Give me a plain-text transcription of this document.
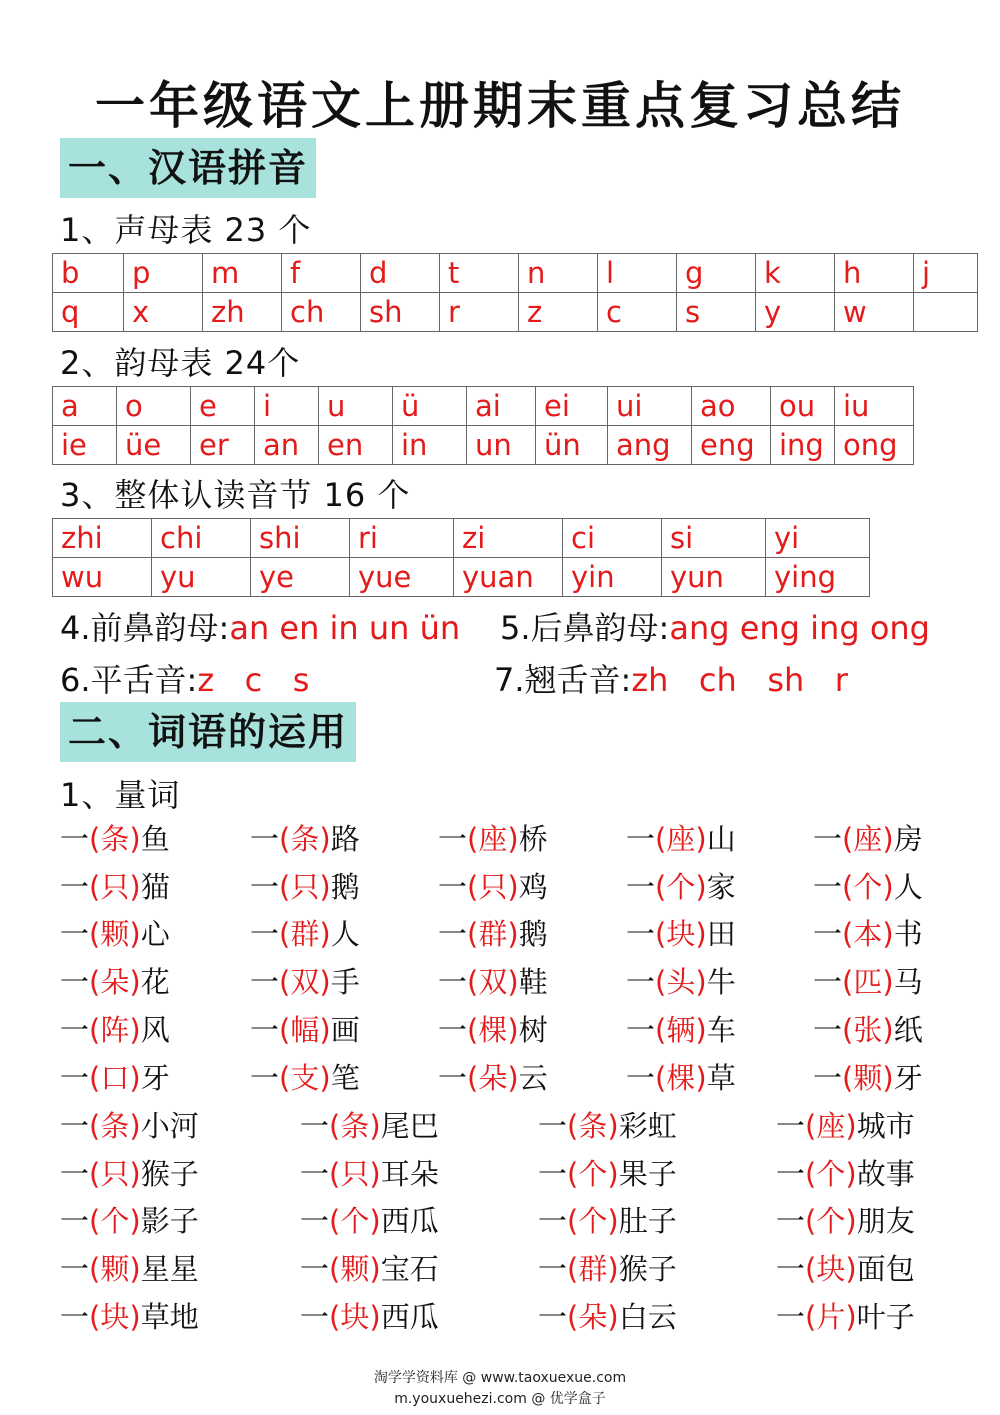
一年级语文上册期末重点复习总结
一、汉语拼音
1、声母表 23 个
b	p	m	f	d	t	n	l	g	k	h	j
q	x	zh	ch	sh	r	z	c	s	y	w	
2、韵母表 24个
a	o	e	i	u	ü	ai	ei	ui	ao	ou	iu
ie	üe	er	an	en	in	un	ün	ang	eng	ing	ong
3、整体认读音节 16 个
zhi	chi	shi	ri	zi	ci	si	yi
wu	yu	ye	yue	yuan	yin	yun	ying
4.前鼻韵母:an en in un ün 5.后鼻韵母:ang eng ing ong
6.平舌音:z   c   s	7.翘舌音:zh   ch   sh   r
二、词语的运用
1、量词
一(条)鱼	一(条)路	一(座)桥	一(座)山	一(座)房
一(只)猫	一(只)鹅	一(只)鸡	一(个)家	一(个)人
一(颗)心	一(群)人	一(群)鹅	一(块)田	一(本)书
一(朵)花	一(双)手	一(双)鞋	一(头)牛	一(匹)马
一(阵)风	一(幅)画	一(棵)树	一(辆)车	一(张)纸
一(口)牙	一(支)笔	一(朵)云	一(棵)草	一(颗)牙
一(条)小河	一(条)尾巴	一(条)彩虹	一(座)城市
一(只)猴子	一(只)耳朵	一(个)果子	一(个)故事
一(个)影子	一(个)西瓜	一(个)肚子	一(个)朋友
一(颗)星星	一(颗)宝石	一(群)猴子	一(块)面包
一(块)草地	一(块)西瓜	一(朵)白云	一(片)叶子
淘学学资料库 @ www.taoxuexue.com
m.youxuehezi.com @ 优学盒子
